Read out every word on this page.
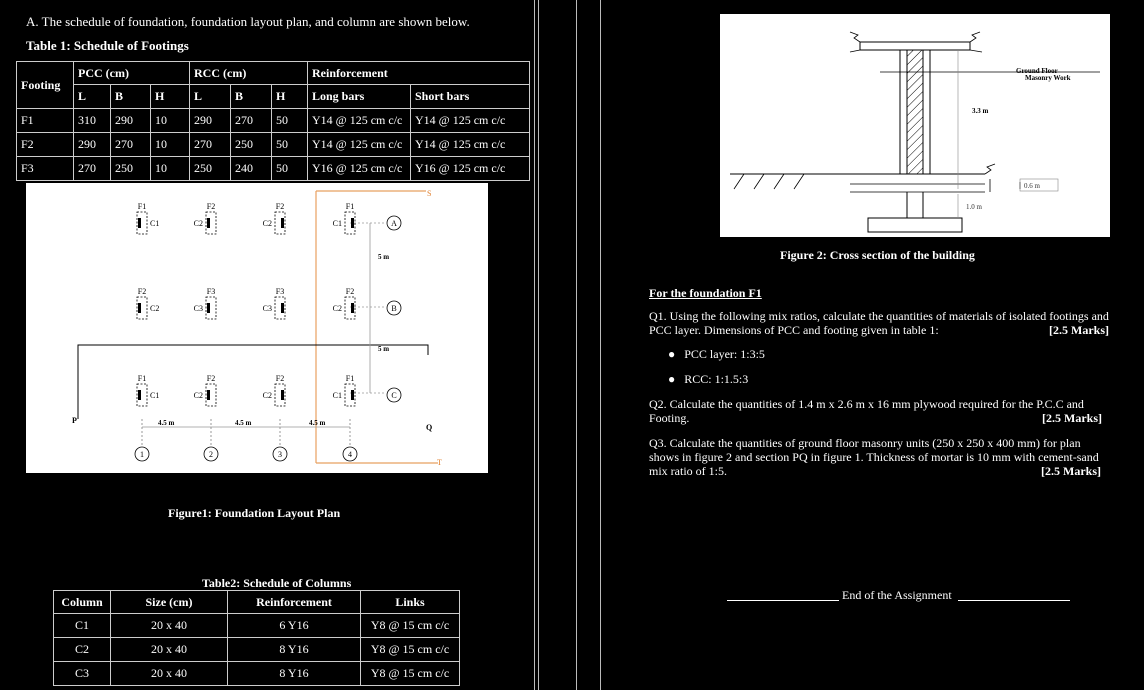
A. The schedule of foundation, foundation layout plan, and column are shown below.
Table 1: Schedule of Footings
Footing	PCC (cm)			RCC (cm)			Reinforcement	
	L	B	H	L	B	H	Long bars	Short bars
F1	310	290	10	290	270	50	Y14 @ 125 cm c/c	Y14 @ 125 cm c/c
F2	290	270	10	270	250	50	Y14 @ 125 cm c/c	Y14 @ 125 cm c/c
F3	270	250	10	250	240	50	Y16 @ 125 cm c/c	Y16 @ 125 cm c/c
S
T
P
Q
4.5 m	4.5 m	4.5 m
5 m
5 m
A
B
C
1	2	3	4
F1
C1
F2
C2
F2
C2
F1
C1
F2
C2
F3
C3
F3
C3
F2
C2
F1
C1
F2
C2
F2
C2
F1
C1
Figure1: Foundation Layout Plan
Table2: Schedule of Columns
Column	Size (cm)	Reinforcement	Links
C1	20 x 40	6 Y16	Y8 @ 15 cm c/c
C2	20 x 40	8 Y16	Y8 @ 15 cm c/c
C3	20 x 40	8 Y16	Y8 @ 15 cm c/c
Ground Floor
Masonry Work
3.3 m
0.6 m
1.0 m
Figure 2: Cross section of the building
For the foundation F1
Q1. Using the following mix ratios, calculate the quantities of materials of isolated footings and PCC layer. Dimensions of PCC and footing given in table 1:	[2.5 Marks]
●   PCC layer: 1:3:5
●   RCC: 1:1.5:3
Q2. Calculate the quantities of 1.4 m x 2.6 m x 16 mm plywood required for the P.C.C and Footing.	[2.5 Marks]
Q3. Calculate the quantities of ground floor masonry units (250 x 250 x 400 mm) for plan shows in figure 2 and section PQ in figure 1. Thickness of mortar is 10 mm with cement-sand mix ratio of 1:5.	[2.5 Marks]
End of the Assignment
